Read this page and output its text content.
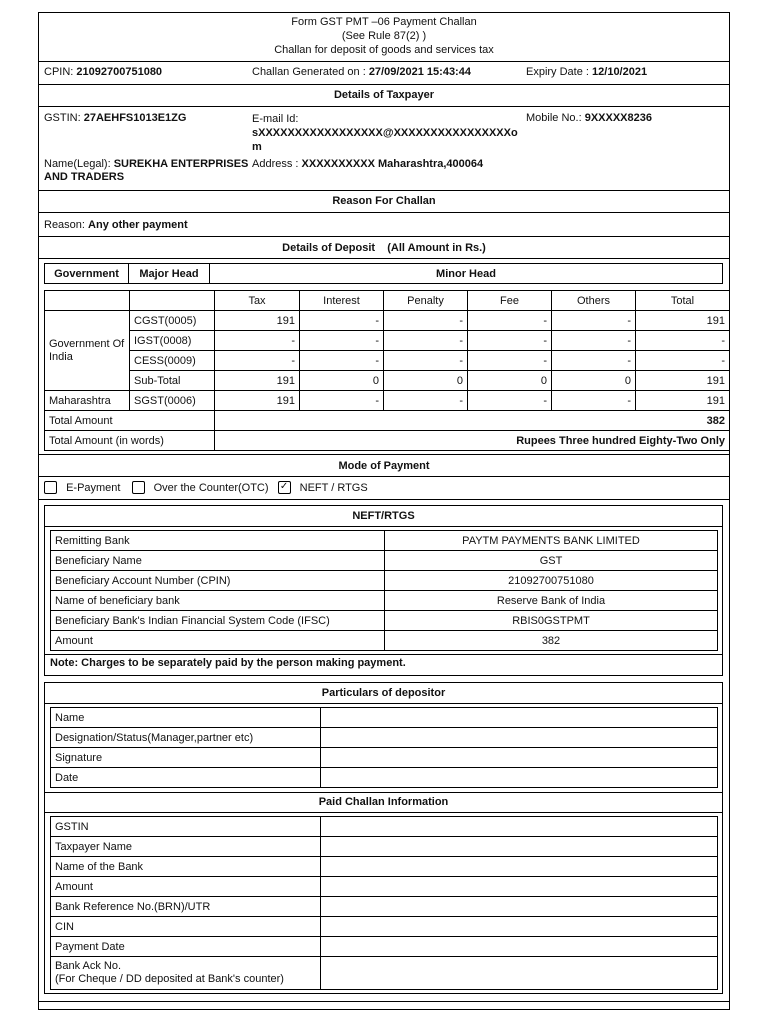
Form GST PMT –06 Payment Challan
(See Rule 87(2) )
Challan for deposit of goods and services tax
CPIN: 21092700751080	Challan Generated on : 27/09/2021 15:43:44	Expiry Date : 12/10/2021
Details of Taxpayer
GSTIN: 27AEHFS1013E1ZG	E-mail Id:
sXXXXXXXXXXXXXXXXX@XXXXXXXXXXXXXXXXo
m
Mobile No.: 9XXXXX8236
Name(Legal): SUREKHA ENTERPRISES
AND TRADERS
Address : XXXXXXXXXX Maharashtra,400064
Reason For Challan
Reason: Any other payment
Details of Deposit    (All Amount in Rs.)
Government	Major Head	Minor Head
		Tax	Interest	Penalty	Fee	Others	Total
Government Of India	CGST(0005)	191	-	-	-	-	191
	IGST(0008)	-	-	-	-	-	-
	CESS(0009)	-	-	-	-	-	-
	Sub-Total	191	0	0	0	0	191
Maharashtra	SGST(0006)	191	-	-	-	-	191
Total Amount		382					
Total Amount (in words)		Rupees Three hundred Eighty-Two Only					
Mode of Payment
E-Payment	Over the Counter(OTC) ✓ NEFT / RTGS
NEFT/RTGS
Remitting Bank	PAYTM PAYMENTS BANK LIMITED
Beneficiary Name	GST
Beneficiary Account Number (CPIN)	21092700751080
Name of beneficiary bank	Reserve Bank of India
Beneficiary Bank's Indian Financial System Code (IFSC)	RBIS0GSTPMT
Amount	382
Note: Charges to be separately paid by the person making payment.
Particulars of depositor
Name	
Designation/Status(Manager,partner etc)	
Signature	
Date	
Paid Challan Information
GSTIN	
Taxpayer Name	
Name of the Bank	
Amount	
Bank Reference No.(BRN)/UTR	
CIN	
Payment Date	

Bank Ack No.
(For Cheque / DD deposited at Bank's counter)	
